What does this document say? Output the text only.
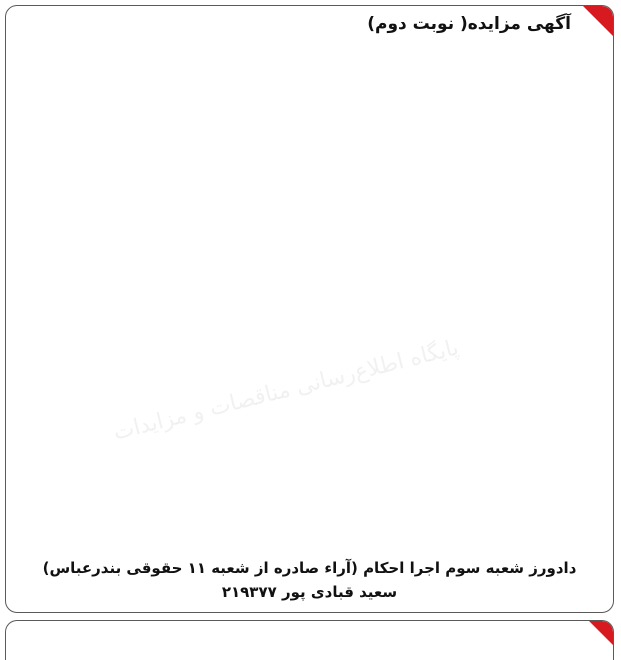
آگهی مزایده( نوبت دوم)

پایگاه اطلاع‌رسانی مناقصات و مزایدات
دادورز شعبه سوم اجرا احکام (آراء صادره از شعبه ۱۱ حقوقی بندرعباس)
سعید قبادی پور ۲۱۹۳۷۷
